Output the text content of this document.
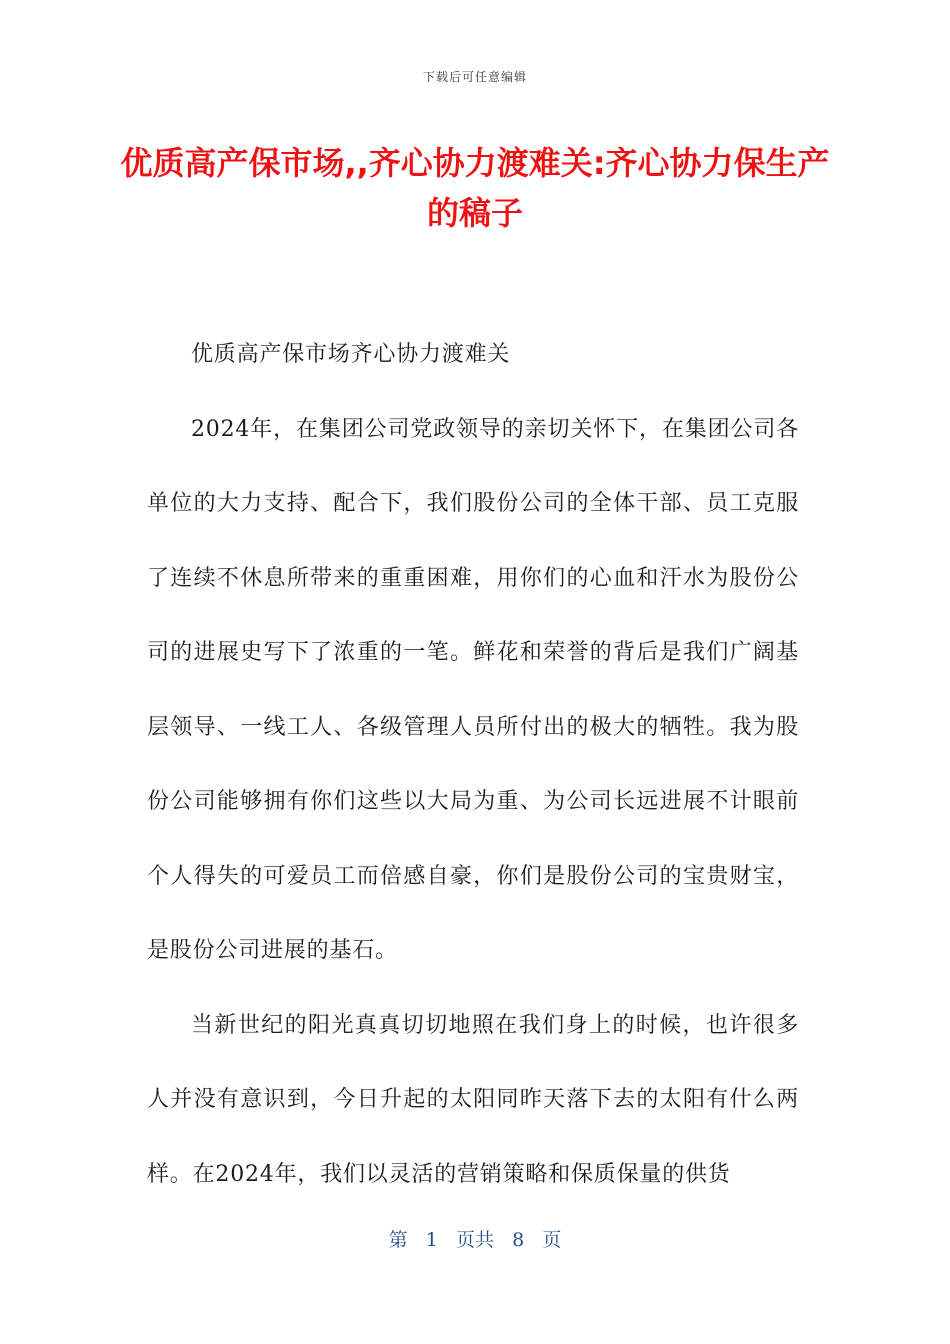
下载后可任意编辑
优质高产保市场,,齐心协力渡难关:齐心协力保生产的稿子

优质高产保市场齐心协力渡难关

2024年，在集团公司党政领导的亲切关怀下，在集团公司各单位的大力支持、配合下，我们股份公司的全体干部、员工克服了连续不休息所带来的重重困难，用你们的心血和汗水为股份公司的进展史写下了浓重的一笔。鲜花和荣誉的背后是我们广阔基层领导、一线工人、各级管理人员所付出的极大的牺牲。我为股份公司能够拥有你们这些以大局为重、为公司长远进展不计眼前个人得失的可爱员工而倍感自豪，你们是股份公司的宝贵财宝，是股份公司进展的基石。

当新世纪的阳光真真切切地照在我们身上的时候，也许很多人并没有意识到，今日升起的太阳同昨天落下去的太阳有什么两样。在2024年，我们以灵活的营销策略和保质保量的供货

第 1 页共 8 页
